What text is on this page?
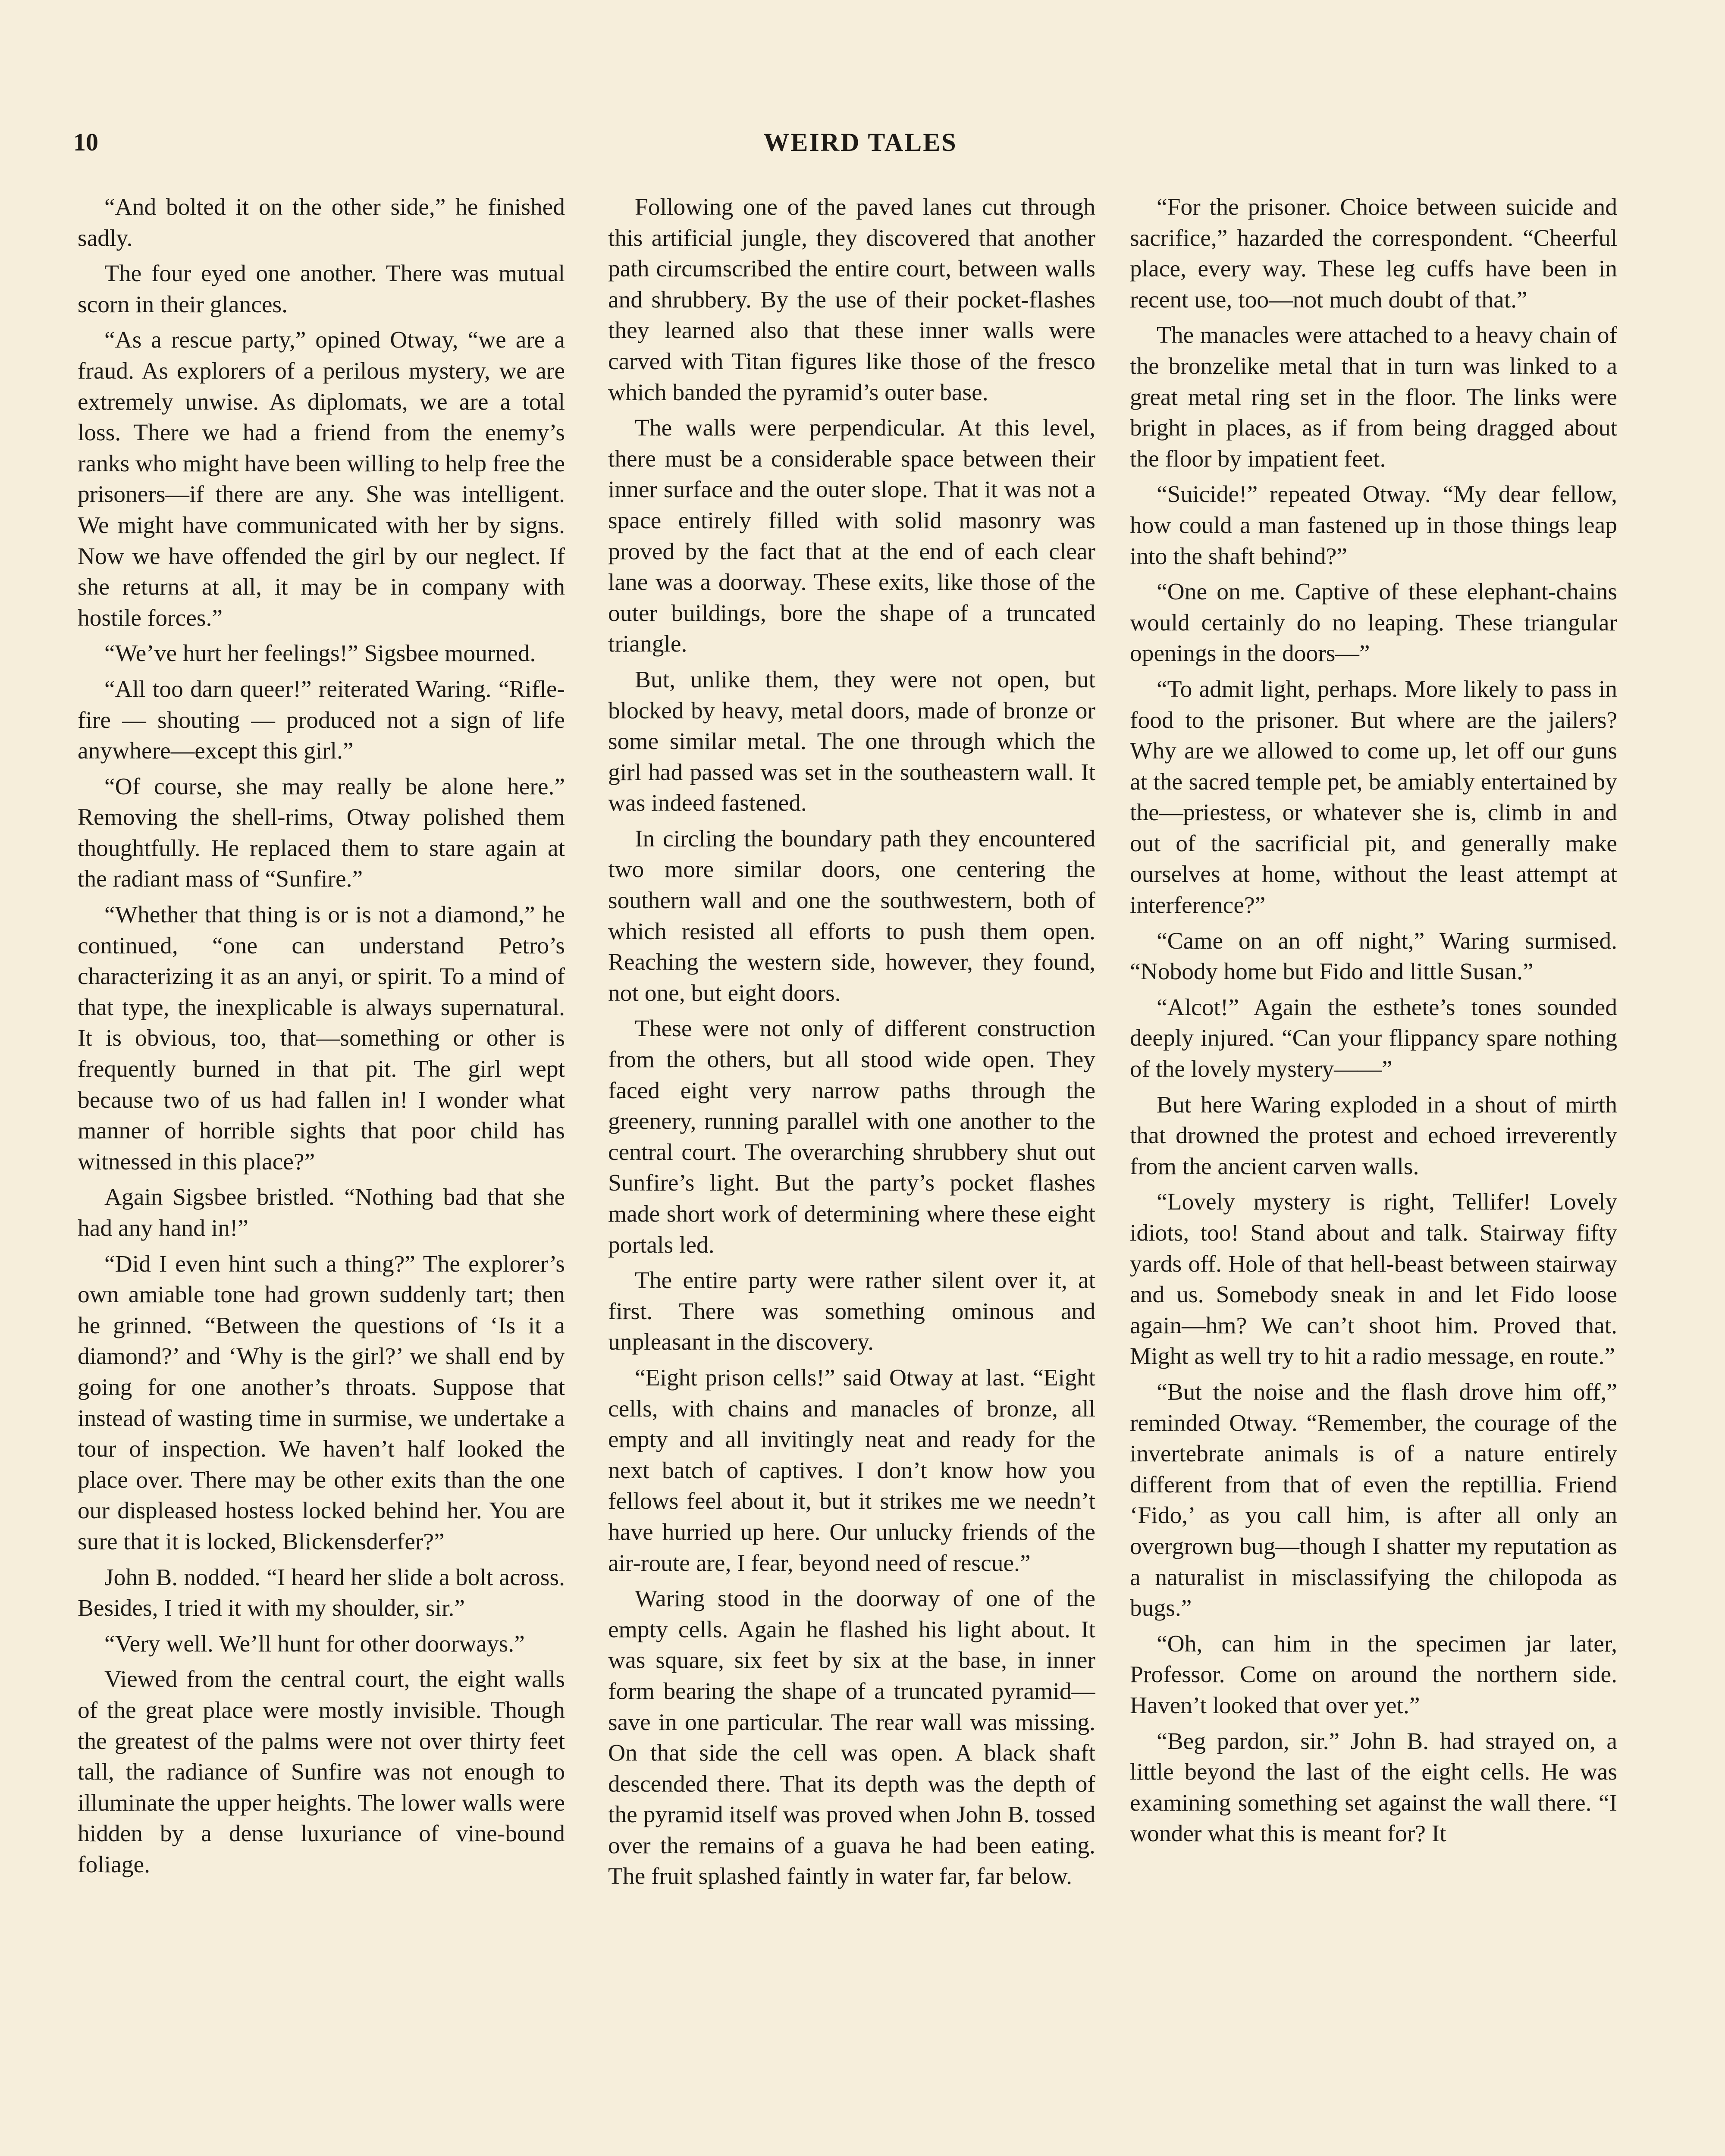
10	WEIRD TALES

“And bolted it on the other side,” he finished sadly.

The four eyed one another. There was mutual scorn in their glances.

“As a rescue party,” opined Otway, “we are a fraud. As explorers of a perilous mystery, we are extremely unwise. As diplomats, we are a total loss. There we had a friend from the enemy’s ranks who might have been willing to help free the prisoners—if there are any. She was intelligent. We might have communicated with her by signs. Now we have offended the girl by our neglect. If she returns at all, it may be in company with hostile forces.”

“We’ve hurt her feelings!” Sigsbee mourned.

“All too darn queer!” reiterated Waring. “Rifle-fire — shouting — produced not a sign of life anywhere—except this girl.”

“Of course, she may really be alone here.” Removing the shell-rims, Otway polished them thoughtfully. He replaced them to stare again at the radiant mass of “Sunfire.”

“Whether that thing is or is not a diamond,” he continued, “one can understand Petro’s characterizing it as an anyi, or spirit. To a mind of that type, the inexplicable is always supernatural. It is obvious, too, that—something or other is frequently burned in that pit. The girl wept because two of us had fallen in! I wonder what manner of horrible sights that poor child has witnessed in this place?”

Again Sigsbee bristled. “Nothing bad that she had any hand in!”

“Did I even hint such a thing?” The explorer’s own amiable tone had grown suddenly tart; then he grinned. “Between the questions of ‘Is it a diamond?’ and ‘Why is the girl?’ we shall end by going for one another’s throats. Suppose that instead of wasting time in surmise, we undertake a tour of inspection. We haven’t half looked the place over. There may be other exits than the one our displeased hostess locked behind her. You are sure that it is locked, Blickensderfer?”

John B. nodded. “I heard her slide a bolt across. Besides, I tried it with my shoulder, sir.”

“Very well. We’ll hunt for other doorways.”

Viewed from the central court, the eight walls of the great place were mostly invisible. Though the greatest of the palms were not over thirty feet tall, the radiance of Sunfire was not enough to illuminate the upper heights. The lower walls were hidden by a dense luxuriance of vine-bound foliage.

Following one of the paved lanes cut through this artificial jungle, they discovered that another path circumscribed the entire court, between walls and shrubbery. By the use of their pocket-flashes they learned also that these inner walls were carved with Titan figures like those of the fresco which banded the pyramid’s outer base.

The walls were perpendicular. At this level, there must be a considerable space between their inner surface and the outer slope. That it was not a space entirely filled with solid masonry was proved by the fact that at the end of each clear lane was a doorway. These exits, like those of the outer buildings, bore the shape of a truncated triangle.

But, unlike them, they were not open, but blocked by heavy, metal doors, made of bronze or some similar metal. The one through which the girl had passed was set in the southeastern wall. It was indeed fastened.

In circling the boundary path they encountered two more similar doors, one centering the southern wall and one the southwestern, both of which resisted all efforts to push them open. Reaching the western side, however, they found, not one, but eight doors.

These were not only of different construction from the others, but all stood wide open. They faced eight very narrow paths through the greenery, running parallel with one another to the central court. The overarching shrubbery shut out Sunfire’s light. But the party’s pocket flashes made short work of determining where these eight portals led.

The entire party were rather silent over it, at first. There was something ominous and unpleasant in the discovery.

“Eight prison cells!” said Otway at last. “Eight cells, with chains and manacles of bronze, all empty and all invitingly neat and ready for the next batch of captives. I don’t know how you fellows feel about it, but it strikes me we needn’t have hurried up here. Our unlucky friends of the air-route are, I fear, beyond need of rescue.”

Waring stood in the doorway of one of the empty cells. Again he flashed his light about. It was square, six feet by six at the base, in inner form bearing the shape of a truncated pyramid—save in one particular. The rear wall was missing. On that side the cell was open. A black shaft descended there. That its depth was the depth of the pyramid itself was proved when John B. tossed over the remains of a guava he had been eating. The fruit splashed faintly in water far, far below.

“For the prisoner. Choice between suicide and sacrifice,” hazarded the correspondent. “Cheerful place, every way. These leg cuffs have been in recent use, too—not much doubt of that.”

The manacles were attached to a heavy chain of the bronzelike metal that in turn was linked to a great metal ring set in the floor. The links were bright in places, as if from being dragged about the floor by impatient feet.

“Suicide!” repeated Otway. “My dear fellow, how could a man fastened up in those things leap into the shaft behind?”

“One on me. Captive of these elephant-chains would certainly do no leaping. These triangular openings in the doors—”

“To admit light, perhaps. More likely to pass in food to the prisoner. But where are the jailers? Why are we allowed to come up, let off our guns at the sacred temple pet, be amiably entertained by the—priestess, or whatever she is, climb in and out of the sacrificial pit, and generally make ourselves at home, without the least attempt at interference?”

“Came on an off night,” Waring surmised. “Nobody home but Fido and little Susan.”

“Alcot!” Again the esthete’s tones sounded deeply injured. “Can your flippancy spare nothing of the lovely mystery——”

But here Waring exploded in a shout of mirth that drowned the protest and echoed irreverently from the ancient carven walls.

“Lovely mystery is right, Tellifer! Lovely idiots, too! Stand about and talk. Stairway fifty yards off. Hole of that hell-beast between stairway and us. Somebody sneak in and let Fido loose again—hm? We can’t shoot him. Proved that. Might as well try to hit a radio message, en route.”

“But the noise and the flash drove him off,” reminded Otway. “Remember, the courage of the invertebrate animals is of a nature entirely different from that of even the reptillia. Friend ‘Fido,’ as you call him, is after all only an overgrown bug—though I shatter my reputation as a naturalist in misclassifying the chilopoda as bugs.”

“Oh, can him in the specimen jar later, Professor. Come on around the northern side. Haven’t looked that over yet.”

“Beg pardon, sir.” John B. had strayed on, a little beyond the last of the eight cells. He was examining something set against the wall there. “I wonder what this is meant for? It
